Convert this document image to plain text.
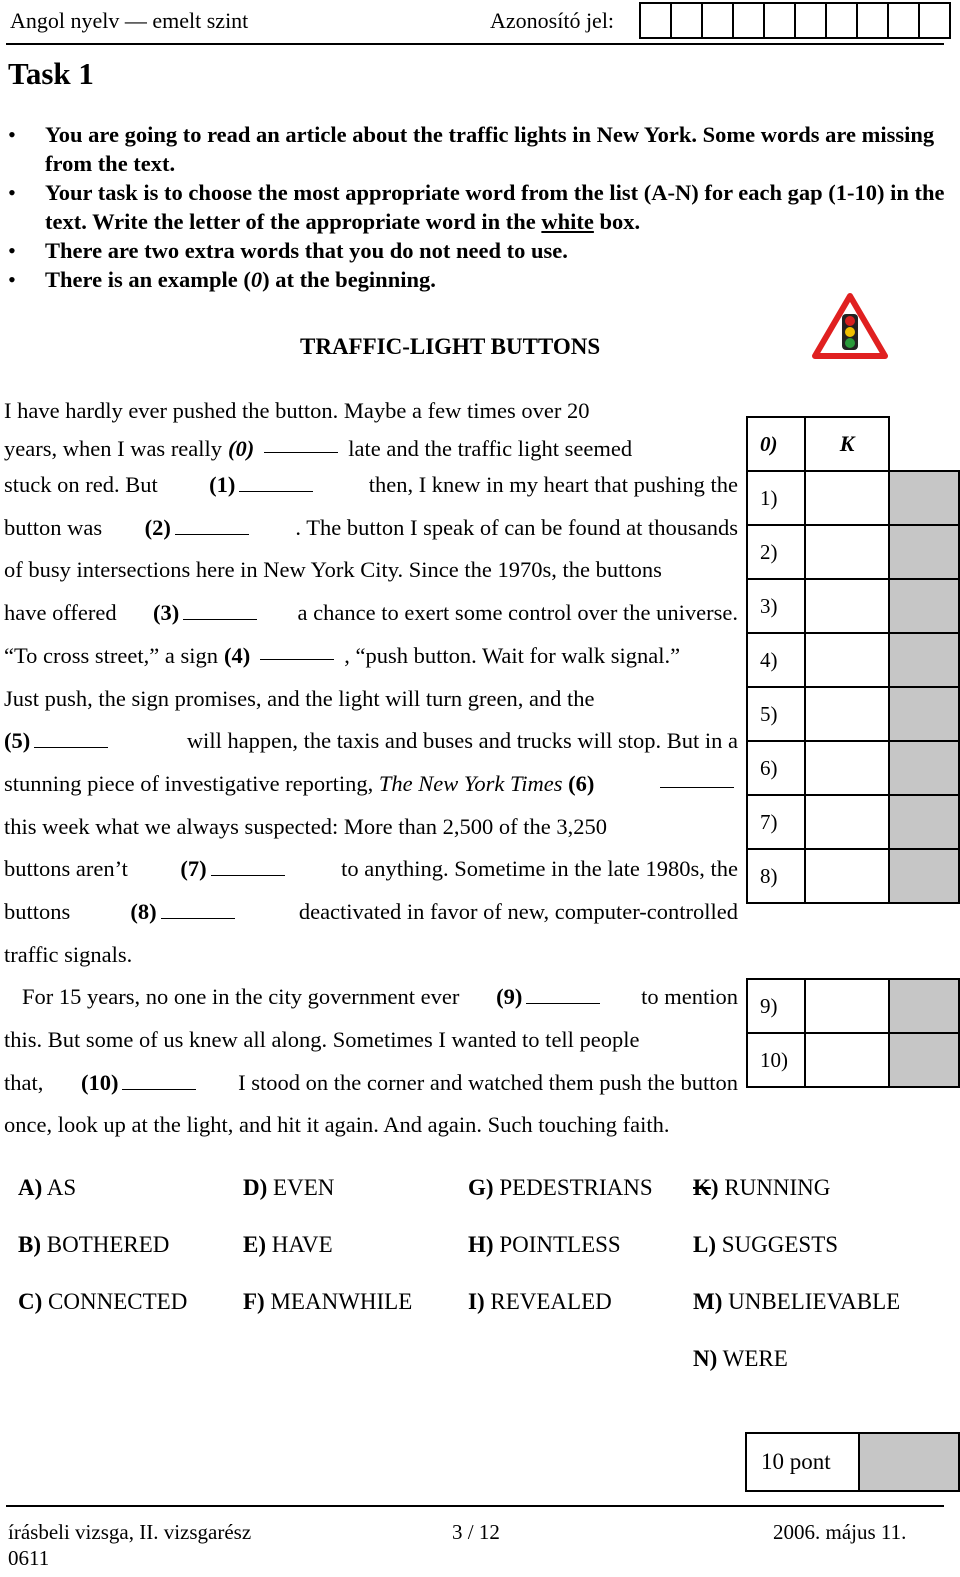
Angol nyelv — emelt szint	Azonosító jel:
Task 1
• You are going to read an article about the traffic lights in New York. Some words are missing from the text.
• Your task is to choose the most appropriate word from the list (A-N) for each gap (1-10) in the text. Write the letter of the appropriate word in the white box.
• There are two extra words that you do not need to use.
• There is an example (0) at the beginning.
TRAFFIC-LIGHT BUTTONS
I have hardly ever pushed the button. Maybe a few times over 20
years, when I was really (0)	late and the traffic light seemed
stuck on red. But (1)	then, I knew in my heart that pushing the
button was (2)	. The button I speak of can be found at thousands
of busy intersections here in New York City. Since the 1970s, the buttons
have offered (3)	a chance to exert some control over the universe.
“To cross street,” a sign (4)	, “push button. Wait for walk signal.”
Just push, the sign promises, and the light will turn green, and the
(5)	will happen, the taxis and buses and trucks will stop. But in a
stunning piece of investigative reporting, The New York Times (6)
this week what we always suspected: More than 2,500 of the 3,250
buttons aren’t (7)	to anything. Sometime in the late 1980s, the
buttons	(8)	deactivated in favor of new, computer-controlled
traffic signals.
For 15 years, no one in the city government ever (9)	to mention
this. But some of us knew all along. Sometimes I wanted to tell people
that, (10)	I stood on the corner and watched them push the button
once, look up at the light, and hit it again. And again. Such touching faith.
0)	K	
1)		
2)		
3)		
4)		
5)		
6)		
7)		
8)		
9)		
10)		
A) AS
B) BOTHERED
C) CONNECTED
D) EVEN
E) HAVE
F) MEANWHILE
G) PEDESTRIANS
H) POINTLESS
I) REVEALED
K) RUNNING
L) SUGGESTS
M) UNBELIEVABLE
N) WERE
10 pont	
írásbeli vizsga, II. vizsgarész
0611
3 / 12	2006. május 11.
